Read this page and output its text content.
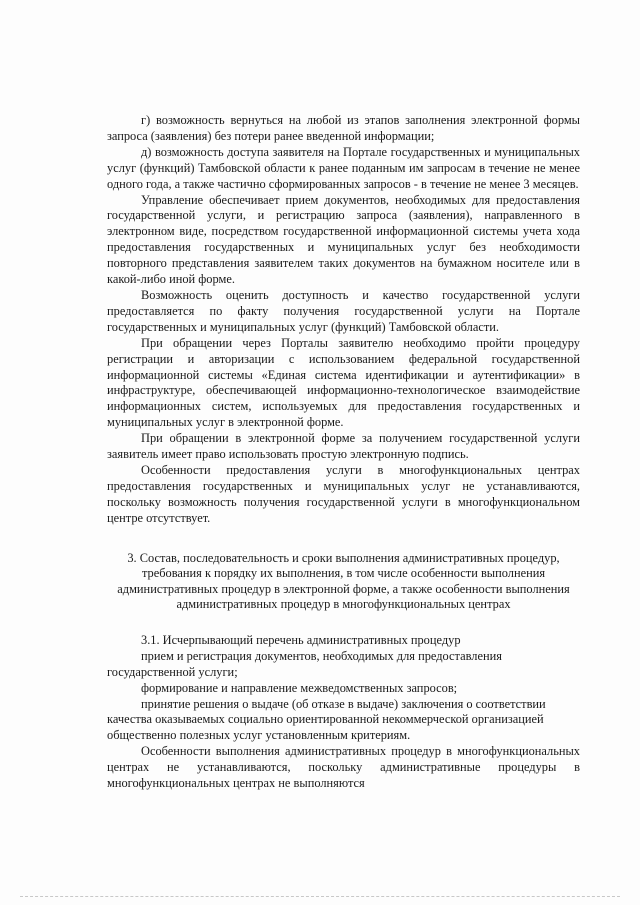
г) возможность вернуться на любой из этапов заполнения электронной формы запроса (заявления) без потери ранее введенной информации;

д) возможность доступа заявителя на Портале государственных и муниципальных услуг (функций) Тамбовской области к ранее поданным им запросам в течение не менее одного года, а также частично сформированных запросов - в течение не менее 3 месяцев.

Управление обеспечивает прием документов, необходимых для предоставления государственной услуги, и регистрацию запроса (заявления), направленного в электронном виде, посредством государственной информационной системы учета хода предоставления государственных и муниципальных услуг без необходимости повторного представления заявителем таких документов на бумажном носителе или в какой-либо иной форме.

Возможность оценить доступность и качество государственной услуги предоставляется по факту получения государственной услуги на Портале государственных и муниципальных услуг (функций) Тамбовской области.

При обращении через Порталы заявителю необходимо пройти процедуру регистрации и авторизации с использованием федеральной государственной информационной системы «Единая система идентификации и аутентификации» в инфраструктуре, обеспечивающей информационно-технологическое взаимодействие информационных систем, используемых для предоставления государственных и муниципальных услуг в электронной форме.

При обращении в электронной форме за получением государственной услуги заявитель имеет право использовать простую электронную подпись.

Особенности предоставления услуги в многофункциональных центрах предоставления государственных и муниципальных услуг не устанавливаются, поскольку возможность получения государственной услуги в многофункциональном центре отсутствует.

3. Состав, последовательность и сроки выполнения административных процедур, требования к порядку их выполнения, в том числе особенности выполнения административных процедур в электронной форме, а также особенности выполнения административных процедур в многофункциональных центрах

3.1. Исчерпывающий перечень административных процедур

прием и регистрация документов, необходимых для предоставления государственной услуги;

формирование и направление межведомственных запросов;

принятие решения о выдаче (об отказе в выдаче) заключения о соответствии качества оказываемых социально ориентированной некоммерческой организацией общественно полезных услуг установленным критериям.

Особенности выполнения административных процедур в многофункциональных центрах не устанавливаются, поскольку административные процедуры в многофункциональных центрах не выполняются
